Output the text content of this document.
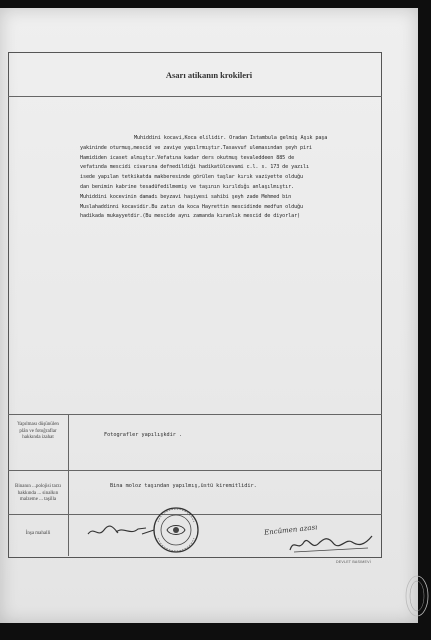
Asarı atikanın krokileri
Muhiddini kocavi,Koca elilidir. Oradan Istambula gelmiş Aşık paşa
yakininde oturmuş,mescid ve zaviye yapılrmıştır.Tasavvuf ulemasından şeyh piri
Hamididen icaset almıştır.Vefatına kadar ders okutmuş tevaleddeen 885 de
vefatında mescidi civarına defnedildiği hadikatülcevami c.l. s. 173 de yazılı
isede yapılan tetkikatda makberesinde görülen taşlar kırık vaziyette olduğu
dan benimin kabrine tesadüfedilmemiş ve taşının kırıldığı anlaşılmıştır.
Muhiddini kocevinin damadı beyzavi haşiyesi sahibi şeyh zade Mehmed bin
Muslahaddinni kocavidir.Bu zatın da koca Hayrettin mescidinde medfun olduğu
hadikada mukayyetdir.(Bu mescide aynı zamanda kıranlık mescid de diyorlar)
Yapılması düşünülen
plân ve fotoğraflar
hakkında izahat	Fotografler yapılışkdir .
Binanın ...polojisi tarzı
hakkında ... sinalkın
malzeme ... taşilla
Bina moloz taşından yapılmış,üstü kiremitlidir.
İnşa mahalli	Encümen azası
DEVLET BASIMEVİ
